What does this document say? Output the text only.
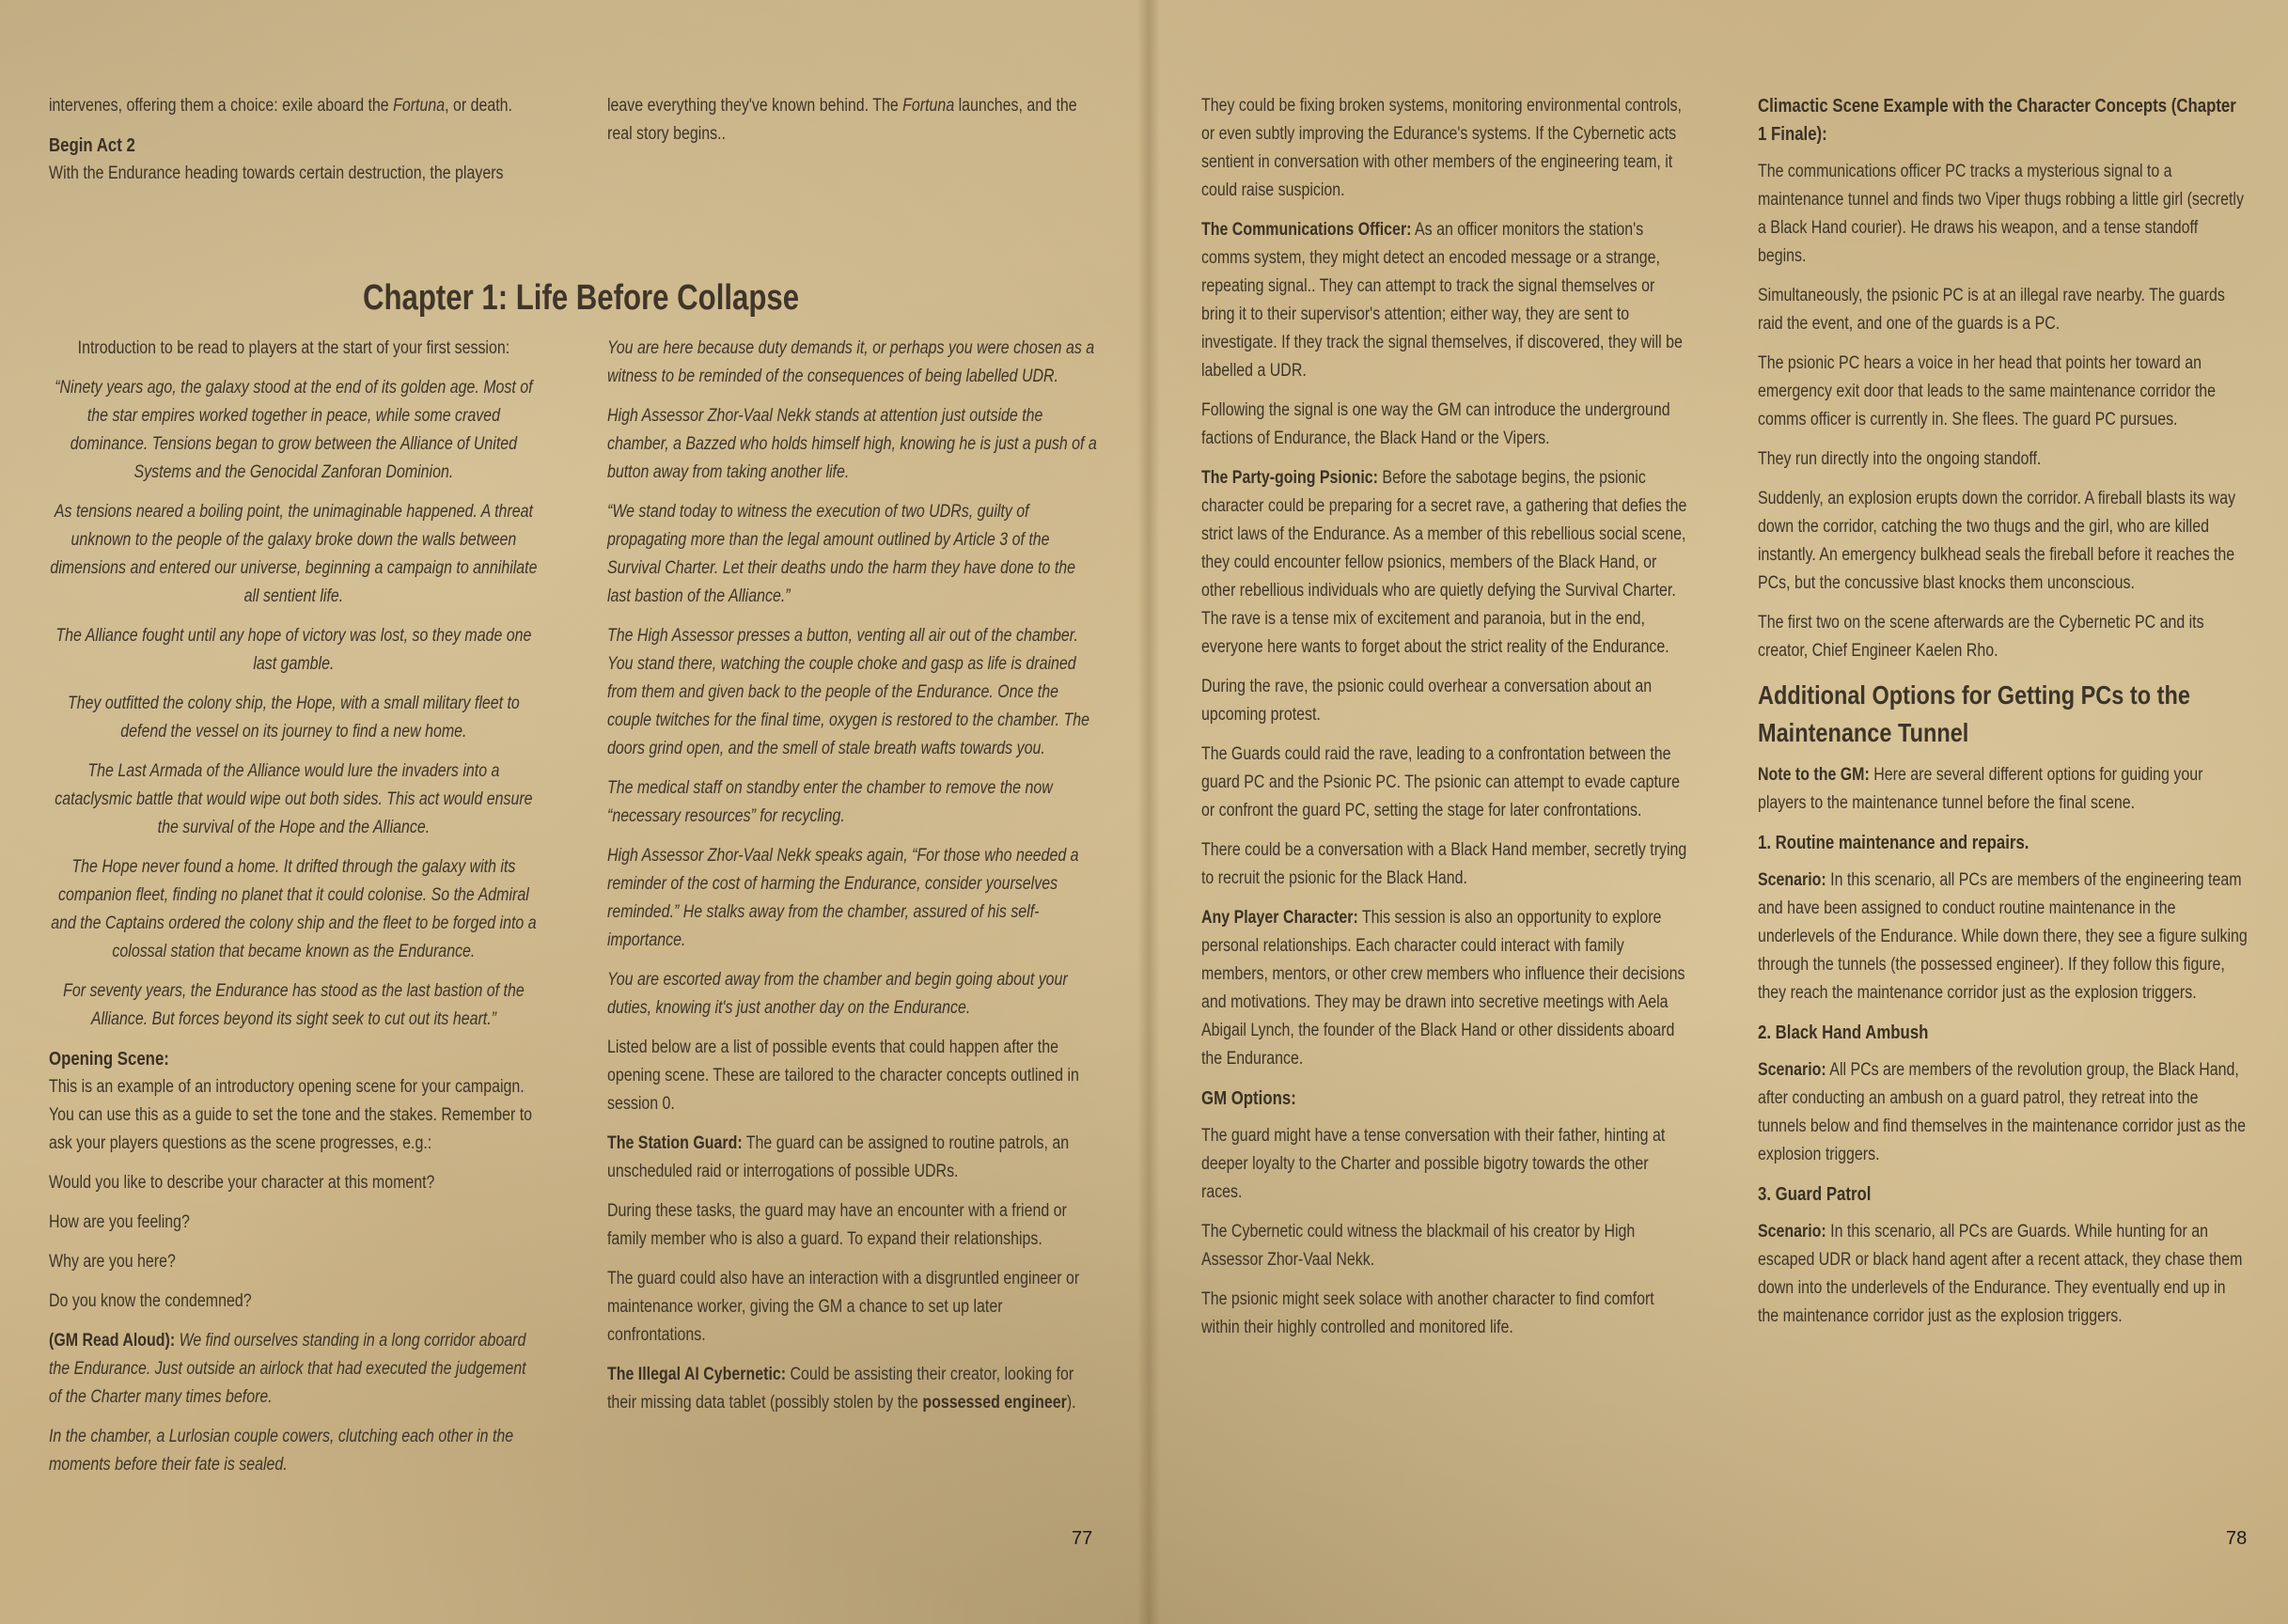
intervenes, offering them a choice: exile aboard the Fortuna, or death.

Begin Act 2

With the Endurance heading towards certain destruction, the players

leave everything they've known behind. The Fortuna launches, and the real story begins..

Chapter 1: Life Before Collapse

Introduction to be read to players at the start of your first session:

“Ninety years ago, the galaxy stood at the end of its golden age. Most of the star empires worked together in peace, while some craved dominance. Tensions began to grow between the Alliance of United Systems and the Genocidal Zanforan Dominion.

As tensions neared a boiling point, the unimaginable happened. A threat unknown to the people of the galaxy broke down the walls between dimensions and entered our universe, beginning a campaign to annihilate all sentient life.

The Alliance fought until any hope of victory was lost, so they made one last gamble.

They outfitted the colony ship, the Hope, with a small military fleet to defend the vessel on its journey to find a new home.

The Last Armada of the Alliance would lure the invaders into a cataclysmic battle that would wipe out both sides. This act would ensure the survival of the Hope and the Alliance.

The Hope never found a home. It drifted through the galaxy with its companion fleet, finding no planet that it could colonise. So the Admiral and the Captains ordered the colony ship and the fleet to be forged into a colossal station that became known as the Endurance.

For seventy years, the Endurance has stood as the last bastion of the Alliance. But forces beyond its sight seek to cut out its heart.”

Opening Scene:

This is an example of an introductory opening scene for your campaign. You can use this as a guide to set the tone and the stakes. Remember to ask your players questions as the scene progresses, e.g.:

Would you like to describe your character at this moment?

How are you feeling?

Why are you here?

Do you know the condemned?

(GM Read Aloud): We find ourselves standing in a long corridor aboard the Endurance. Just outside an airlock that had executed the judgement of the Charter many times before.

In the chamber, a Lurlosian couple cowers, clutching each other in the moments before their fate is sealed.

You are here because duty demands it, or perhaps you were chosen as a witness to be reminded of the consequences of being labelled UDR.

High Assessor Zhor-Vaal Nekk stands at attention just outside the chamber, a Bazzed who holds himself high, knowing he is just a push of a button away from taking another life.

“We stand today to witness the execution of two UDRs, guilty of propagating more than the legal amount outlined by Article 3 of the Survival Charter. Let their deaths undo the harm they have done to the last bastion of the Alliance.”

The High Assessor presses a button, venting all air out of the chamber. You stand there, watching the couple choke and gasp as life is drained from them and given back to the people of the Endurance. Once the couple twitches for the final time, oxygen is restored to the chamber. The doors grind open, and the smell of stale breath wafts towards you.

The medical staff on standby enter the chamber to remove the now “necessary resources” for recycling.

High Assessor Zhor-Vaal Nekk speaks again, “For those who needed a reminder of the cost of harming the Endurance, consider yourselves reminded.” He stalks away from the chamber, assured of his self-importance.

You are escorted away from the chamber and begin going about your duties, knowing it's just another day on the Endurance.

Listed below are a list of possible events that could happen after the opening scene. These are tailored to the character concepts outlined in session 0.

The Station Guard: The guard can be assigned to routine patrols, an unscheduled raid or interrogations of possible UDRs.

During these tasks, the guard may have an encounter with a friend or family member who is also a guard. To expand their relationships.

The guard could also have an interaction with a disgruntled engineer or maintenance worker, giving the GM a chance to set up later confrontations.

The Illegal AI Cybernetic: Could be assisting their creator, looking for their missing data tablet (possibly stolen by the possessed engineer).

They could be fixing broken systems, monitoring environmental controls, or even subtly improving the Edurance's systems. If the Cybernetic acts sentient in conversation with other members of the engineering team, it could raise suspicion.

The Communications Officer: As an officer monitors the station's comms system, they might detect an encoded message or a strange, repeating signal.. They can attempt to track the signal themselves or bring it to their supervisor's attention; either way, they are sent to investigate. If they track the signal themselves, if discovered, they will be labelled a UDR.

Following the signal is one way the GM can introduce the underground factions of Endurance, the Black Hand or the Vipers.

The Party-going Psionic: Before the sabotage begins, the psionic character could be preparing for a secret rave, a gathering that defies the strict laws of the Endurance. As a member of this rebellious social scene, they could encounter fellow psionics, members of the Black Hand, or other rebellious individuals who are quietly defying the Survival Charter. The rave is a tense mix of excitement and paranoia, but in the end, everyone here wants to forget about the strict reality of the Endurance.

During the rave, the psionic could overhear a conversation about an upcoming protest.

The Guards could raid the rave, leading to a confrontation between the guard PC and the Psionic PC. The psionic can attempt to evade capture or confront the guard PC, setting the stage for later confrontations.

There could be a conversation with a Black Hand member, secretly trying to recruit the psionic for the Black Hand.

Any Player Character: This session is also an opportunity to explore personal relationships. Each character could interact with family members, mentors, or other crew members who influence their decisions and motivations. They may be drawn into secretive meetings with Aela Abigail Lynch, the founder of the Black Hand or other dissidents aboard the Endurance.

GM Options:

The guard might have a tense conversation with their father, hinting at deeper loyalty to the Charter and possible bigotry towards the other races.

The Cybernetic could witness the blackmail of his creator by High Assessor Zhor-Vaal Nekk.

The psionic might seek solace with another character to find comfort within their highly controlled and monitored life.

Climactic Scene Example with the Character Concepts (Chapter 1 Finale):

The communications officer PC tracks a mysterious signal to a maintenance tunnel and finds two Viper thugs robbing a little girl (secretly a Black Hand courier). He draws his weapon, and a tense standoff begins.

Simultaneously, the psionic PC is at an illegal rave nearby. The guards raid the event, and one of the guards is a PC.

The psionic PC hears a voice in her head that points her toward an emergency exit door that leads to the same maintenance corridor the comms officer is currently in. She flees. The guard PC pursues.

They run directly into the ongoing standoff.

Suddenly, an explosion erupts down the corridor. A fireball blasts its way down the corridor, catching the two thugs and the girl, who are killed instantly. An emergency bulkhead seals the fireball before it reaches the PCs, but the concussive blast knocks them unconscious.

The first two on the scene afterwards are the Cybernetic PC and its creator, Chief Engineer Kaelen Rho.

Additional Options for Getting PCs to the Maintenance Tunnel

Note to the GM: Here are several different options for guiding your players to the maintenance tunnel before the final scene.

1. Routine maintenance and repairs.

Scenario: In this scenario, all PCs are members of the engineering team and have been assigned to conduct routine maintenance in the underlevels of the Endurance. While down there, they see a figure sulking through the tunnels (the possessed engineer). If they follow this figure, they reach the maintenance corridor just as the explosion triggers.

2. Black Hand Ambush

Scenario: All PCs are members of the revolution group, the Black Hand, after conducting an ambush on a guard patrol, they retreat into the tunnels below and find themselves in the maintenance corridor just as the explosion triggers.

3. Guard Patrol

Scenario: In this scenario, all PCs are Guards. While hunting for an escaped UDR or black hand agent after a recent attack, they chase them down into the underlevels of the Endurance. They eventually end up in the maintenance corridor just as the explosion triggers.

77	78
